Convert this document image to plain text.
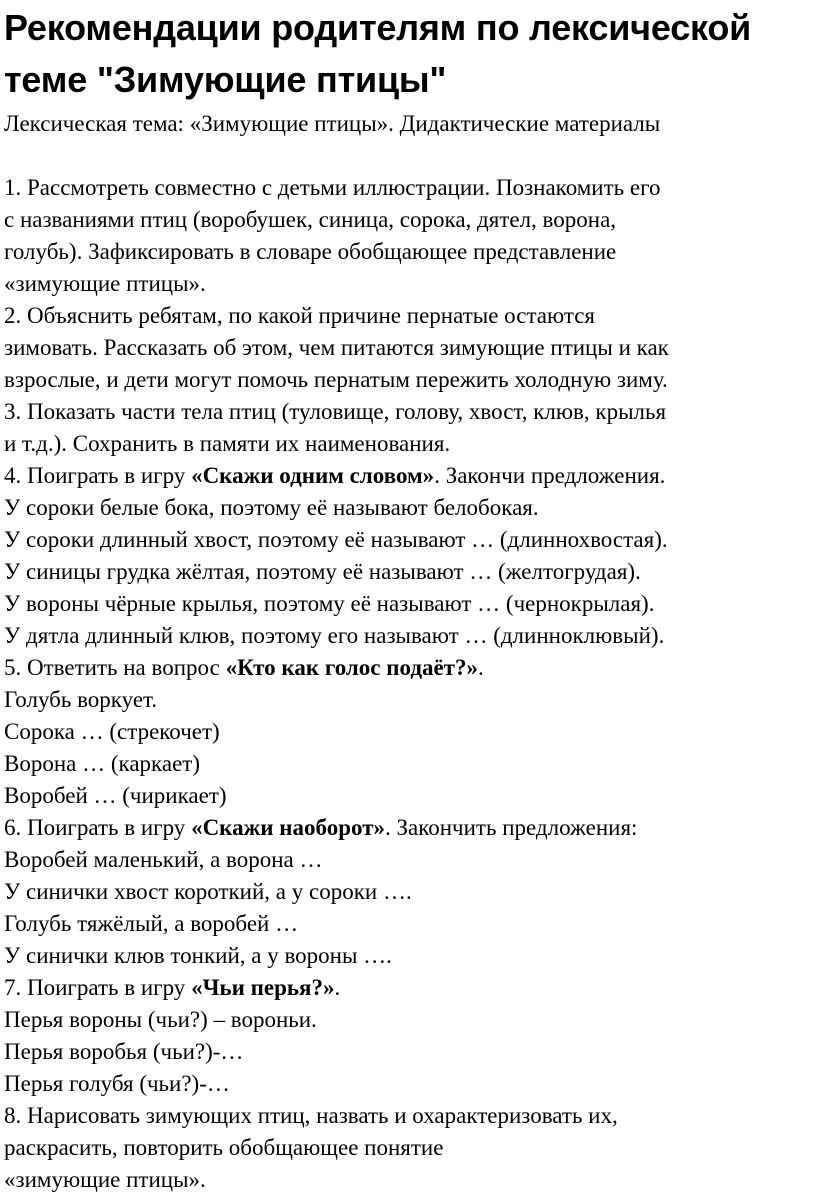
Рекомендации родителям по лексической
теме "Зимующие птицы"
Лексическая тема: «Зимующие птицы». Дидактические материалы
1. Рассмотреть совместно с детьми иллюстрации. Познакомить его
с названиями птиц (воробушек, синица, сорока, дятел, ворона,
голубь). Зафиксировать в словаре обобщающее представление
«зимующие птицы».
2. Объяснить ребятам, по какой причине пернатые остаются
зимовать. Рассказать об этом, чем питаются зимующие птицы и как
взрослые, и дети могут помочь пернатым пережить холодную зиму.
3. Показать части тела птиц (туловище, голову, хвост, клюв, крылья
и т.д.). Сохранить в памяти их наименования.
4. Поиграть в игру «Скажи одним словом». Закончи предложения.
У сороки белые бока, поэтому её называют белобокая.
У сороки длинный хвост, поэтому её называют … (длиннохвостая).
У синицы грудка жёлтая, поэтому её называют … (желтогрудая).
У вороны чёрные крылья, поэтому её называют … (чернокрылая).
У дятла длинный клюв, поэтому его называют … (длинноклювый).
5. Ответить на вопрос «Кто как голос подаёт?».
Голубь воркует.
Сорока … (стрекочет)
Ворона … (каркает)
Воробей … (чирикает)
6. Поиграть в игру «Скажи наоборот». Закончить предложения:
Воробей маленький, а ворона …
У синички хвост короткий, а у сороки ….
Голубь тяжёлый, а воробей …
У синички клюв тонкий, а у вороны ….
7. Поиграть в игру «Чьи перья?».
Перья вороны (чьи?) – вороньи.
Перья воробья (чьи?)-…
Перья голубя (чьи?)-…
8. Нарисовать зимующих птиц, назвать и охарактеризовать их,
раскрасить, повторить обобщающее понятие
«зимующие птицы».
